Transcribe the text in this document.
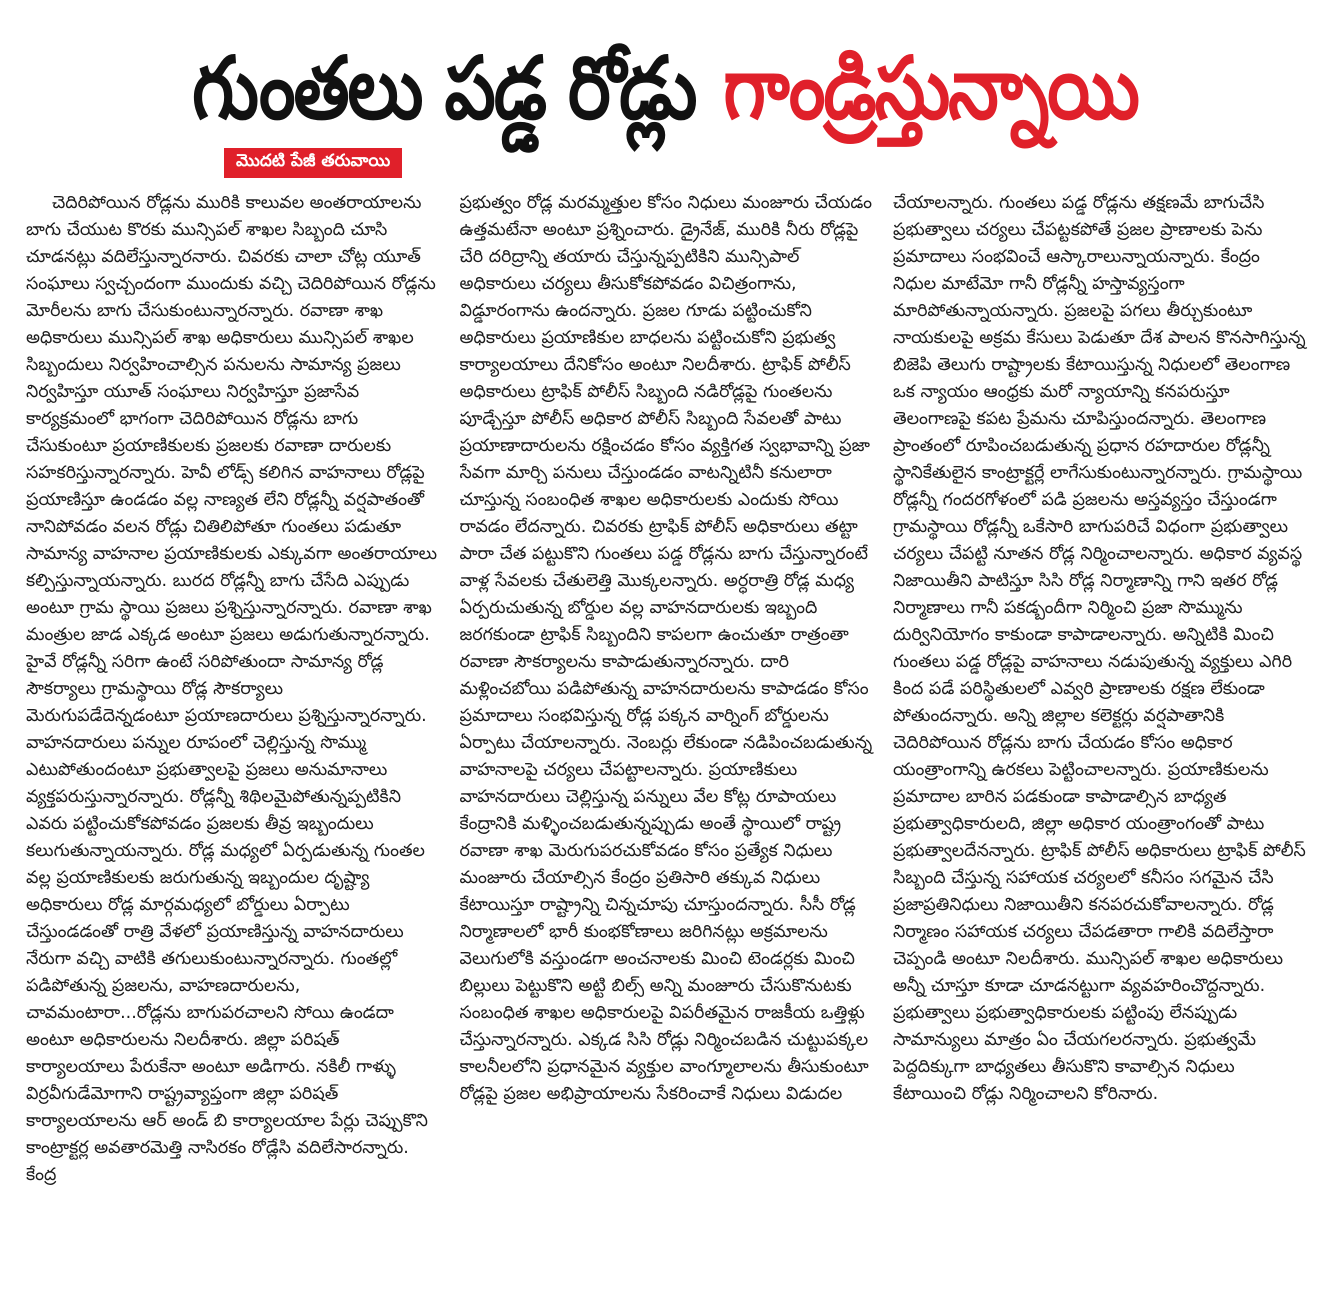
గుంతలు పడ్డ రోడ్లు గాండ్రిస్తున్నాయి
మొదటి పేజీ తరువాయి

చెదిరిపోయిన రోడ్లను మురికి కాలువల అంతరాయాలను బాగు చేయుట కొరకు మున్సిపల్ శాఖల సిబ్బంది చూసి చూడనట్లు వదిలేస్తున్నారనారు. చివరకు చాలా చోట్ల యూత్ సంఘాలు స్వచ్చందంగా ముందుకు వచ్చి చెదిరిపోయిన రోడ్లను మోరీలను బాగు చేసుకుంటున్నారన్నారు. రవాణా శాఖ అధికారులు మున్సిపల్ శాఖ అధికారులు మున్సిపల్ శాఖల సిబ్బందులు నిర్వహించాల్సిన పనులను సామాన్య ప్రజలు నిర్వహిస్తూ యూత్ సంఘాలు నిర్వహిస్తూ ప్రజాసేవ కార్యక్రమంలో భాగంగా చెదిరిపోయిన రోడ్లను బాగు చేసుకుంటూ ప్రయాణికులకు ప్రజలకు రవాణా దారులకు సహకరిస్తున్నారన్నారు. హెవీ లోడ్స్ కలిగిన వాహనాలు రోడ్లపై ప్రయాణిస్తూ ఉండడం వల్ల నాణ్యత లేని రోడ్లన్నీ వర్షపాతంతో నానిపోవడం వలన రోడ్లు చితిలిపోతూ గుంతలు పడుతూ సామాన్య వాహనాల ప్రయాణికులకు ఎక్కువగా అంతరాయాలు కల్పిస్తున్నాయన్నారు. బురద రోడ్లన్నీ బాగు చేసేది ఎప్పుడు అంటూ గ్రామ స్థాయి ప్రజలు ప్రశ్నిస్తున్నారన్నారు. రవాణా శాఖ మంత్రుల జాడ ఎక్కడ అంటూ ప్రజలు అడుగుతున్నారన్నారు. హైవే రోడ్లన్నీ సరిగా ఉంటే సరిపోతుందా సామాన్య రోడ్ల సౌకర్యాలు గ్రామస్థాయి రోడ్ల సౌకర్యాలు మెరుగుపడేదెన్నడంటూ ప్రయాణదారులు ప్రశ్నిస్తున్నారన్నారు. వాహనదారులు పన్నుల రూపంలో చెల్లిస్తున్న సొమ్ము ఎటుపోతుందంటూ ప్రభుత్వాలపై ప్రజలు అనుమానాలు వ్యక్తపరుస్తున్నారన్నారు. రోడ్లన్నీ శిథిలమైపోతున్నప్పటికిని ఎవరు పట్టించుకోకపోవడం ప్రజలకు తీవ్ర ఇబ్బందులు కలుగుతున్నాయన్నారు. రోడ్ల మధ్యలో ఏర్పడుతున్న గుంతల వల్ల ప్రయాణికులకు జరుగుతున్న ఇబ్బందుల దృష్ట్యా అధికారులు రోడ్ల మార్గమధ్యలో బోర్డులు ఏర్పాటు చేస్తుండడంతో రాత్రి వేళలో ప్రయాణిస్తున్న వాహనదారులు నేరుగా వచ్చి వాటికి తగులుకుంటున్నారన్నారు. గుంతల్లో పడిపోతున్న ప్రజలను, వాహణదారులను, చావమంటారా...రోడ్లను బాగుపరచాలని సోయి ఉండదా అంటూ అధికారులను నిలదీశారు. జిల్లా పరిషత్ కార్యాలయాలు పేరుకేనా అంటూ అడిగారు. నకిలీ గాళ్ళు విర్రవీగుడేమోగాని రాష్ట్రవ్యాప్తంగా జిల్లా పరిషత్ కార్యాలయాలను ఆర్ అండ్ బి కార్యాలయాల పేర్లు చెప్పుకొని కాంట్రాక్టర్ల అవతారమెత్తి నాసిరకం రోడ్లేసి వదిలేసారన్నారు. కేంద్ర

ప్రభుత్వం రోడ్ల మరమ్మత్తుల కోసం నిధులు మంజూరు చేయడం ఉత్తమటేనా అంటూ ప్రశ్నించారు. డ్రైనేజ్, మురికి నీరు రోడ్లపై చేరి దరిద్రాన్ని తయారు చేస్తున్నప్పటికిని మున్సిపాల్ అధికారులు చర్యలు తీసుకోకపోవడం విచిత్రంగాను, విడ్డూరంగాను ఉందన్నారు. ప్రజల గూడు పట్టించుకోని అధికారులు ప్రయాణికుల బాధలను పట్టించుకోని ప్రభుత్వ కార్యాలయాలు దేనికోసం అంటూ నిలదీశారు. ట్రాఫిక్ పోలీస్ అధికారులు ట్రాఫిక్ పోలీస్ సిబ్బంది నడిరోడ్లపై గుంతలను పూడ్చేస్తూ పోలీస్ అధికార పోలీస్ సిబ్బంది సేవలతో పాటు ప్రయాణాదారులను రక్షించడం కోసం వ్యక్తిగత స్వభావాన్ని ప్రజా సేవగా మార్చి పనులు చేస్తుండడం వాటన్నిటినీ కనులారా చూస్తున్న సంబంధిత శాఖల అధికారులకు ఎందుకు సోయి రావడం లేదన్నారు. చివరకు ట్రాఫిక్ పోలీస్ అధికారులు తట్టా పారా చేత పట్టుకొని గుంతలు పడ్డ రోడ్లను బాగు చేస్తున్నారంటే వాళ్ల సేవలకు చేతులెత్తి మొక్కలన్నారు. అర్ధరాత్రి రోడ్ల మధ్య ఏర్పరుచుతున్న బోర్డుల వల్ల వాహనదారులకు ఇబ్బంది జరగకుండా ట్రాఫిక్ సిబ్బందిని కాపలగా ఉంచుతూ రాత్రంతా రవాణా సౌకర్యాలను కాపాడుతున్నారన్నారు. దారి మళ్లించబోయి పడిపోతున్న వాహనదారులను కాపాడడం కోసం ప్రమాదాలు సంభవిస్తున్న రోడ్ల పక్కన వార్నింగ్ బోర్డులను ఏర్పాటు చేయాలన్నారు. నెంబర్లు లేకుండా నడిపించబడుతున్న వాహనాలపై చర్యలు చేపట్టాలన్నారు. ప్రయాణికులు వాహనదారులు చెల్లిస్తున్న పన్నులు వేల కోట్ల రూపాయలు కేంద్రానికి మళ్ళించబడుతున్నప్పుడు అంతే స్థాయిలో రాష్ట్ర రవాణా శాఖ మెరుగుపరచుకోవడం కోసం ప్రత్యేక నిధులు మంజూరు చేయాల్సిన కేంద్రం ప్రతిసారి తక్కువ నిధులు కేటాయిస్తూ రాష్ట్రాన్ని చిన్నచూపు చూస్తుందన్నారు. సీసీ రోడ్ల నిర్మాణాలలో భారీ కుంభకోణాలు జరిగినట్లు అక్రమాలను వెలుగులోకి వస్తుండగా అంచనాలకు మించి టెండర్లకు మించి బిల్లులు పెట్టుకొని అట్టి బిల్స్ అన్ని మంజూరు చేసుకొనుటకు సంబంధిత శాఖల అధికారులపై విపరీతమైన రాజకీయ ఒత్తిళ్లు చేస్తున్నారన్నారు. ఎక్కడ సిసి రోడ్లు నిర్మించబడిన చుట్టుపక్కల కాలనీలలోని ప్రధానమైన వ్యక్తుల వాంగ్మూలాలను తీసుకుంటూ రోడ్లపై ప్రజల అభిప్రాయాలను సేకరించాకే నిధులు విడుదల

చేయాలన్నారు. గుంతలు పడ్డ రోడ్లను తక్షణమే బాగుచేసి ప్రభుత్వాలు చర్యలు చేపట్టకపోతే ప్రజల ప్రాణాలకు పెను ప్రమాదాలు సంభవించే ఆస్కారాలున్నాయన్నారు. కేంద్రం నిధుల మాటేమో గానీ రోడ్లన్నీ హస్తావ్యస్తంగా మారిపోతున్నాయన్నారు. ప్రజలపై పగలు తీర్చుకుంటూ నాయకులపై అక్రమ కేసులు పెడుతూ దేశ పాలన కొనసాగిస్తున్న బిజెపి తెలుగు రాష్ట్రాలకు కేటాయిస్తున్న నిధులలో తెలంగాణ ఒక న్యాయం ఆంధ్రకు మరో న్యాయాన్ని కనపరుస్తూ తెలంగాణపై కపట ప్రేమను చూపిస్తుందన్నారు. తెలంగాణ ప్రాంతంలో రూపించబడుతున్న ప్రధాన రహదారుల రోడ్లన్నీ స్థానికేతులైన కాంట్రాక్టర్లే లాగేసుకుంటున్నారన్నారు. గ్రామస్థాయి రోడ్లన్నీ గందరగోళంలో పడి ప్రజలను అస్తవ్యస్తం చేస్తుండగా గ్రామస్థాయి రోడ్లన్నీ ఒకేసారి బాగుపరిచే విధంగా ప్రభుత్వాలు చర్యలు చేపట్టి నూతన రోడ్ల నిర్మించాలన్నారు. అధికార వ్యవస్థ నిజాయితీని పాటిస్తూ సిసి రోడ్ల నిర్మాణాన్ని గాని ఇతర రోడ్ల నిర్మాణాలు గానీ పకడ్బందీగా నిర్మించి ప్రజా సొమ్మును దుర్వినియోగం కాకుండా కాపాడాలన్నారు. అన్నిటికి మించి గుంతలు పడ్డ రోడ్లపై వాహనాలు నడుపుతున్న వ్యక్తులు ఎగిరి కింద పడే పరిస్థితులలో ఎవ్వరి ప్రాణాలకు రక్షణ లేకుండా పోతుందన్నారు. అన్ని జిల్లాల కలెక్టర్లు వర్షపాతానికి చెదిరిపోయిన రోడ్లను బాగు చేయడం కోసం అధికార యంత్రాంగాన్ని ఉరకలు పెట్టించాలన్నారు. ప్రయాణికులను ప్రమాదాల బారిన పడకుండా కాపాడాల్సిన బాధ్యత ప్రభుత్వాధికారులది, జిల్లా అధికార యంత్రాంగంతో పాటు ప్రభుత్వాలదేనన్నారు. ట్రాఫిక్ పోలీస్ అధికారులు ట్రాఫిక్ పోలీస్ సిబ్బంది చేస్తున్న సహాయక చర్యలలో కనీసం సగమైన చేసి ప్రజాప్రతినిధులు నిజాయితీని కనపరచుకోవాలన్నారు. రోడ్ల నిర్మాణం సహాయక చర్యలు చేపడతారా గాలికి వదిలేస్తారా చెప్పండి అంటూ నిలదీశారు. మున్సిపల్ శాఖల అధికారులు అన్నీ చూస్తూ కూడా చూడనట్టుగా వ్యవహరించొద్దన్నారు. ప్రభుత్వాలు ప్రభుత్వాధికారులకు పట్టింపు లేనప్పుడు సామాన్యులు మాత్రం ఏం చేయగలరన్నారు. ప్రభుత్వమే పెద్దదిక్కుగా బాధ్యతలు తీసుకొని కావాల్సిన నిధులు కేటాయించి రోడ్లు నిర్మించాలని కోరినారు.
